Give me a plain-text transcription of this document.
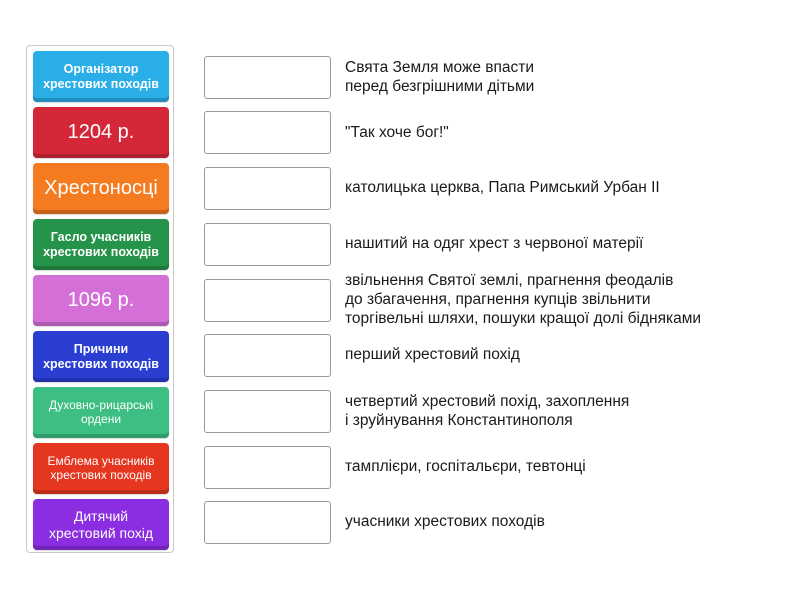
Організатор
хрестових походів
1204 р.
Хрестоносці
Гасло учасників
хрестових походів
1096 р.
Причини
хрестових походів
Духовно-рицарські
ордени
Емблема учасників
хрестових походів
Дитячий
хрестовий похід
Свята Земля може впасти
перед безгрішними дітьми
"Так хоче бог!"
католицька церква, Папа Римський Урбан II
нашитий на одяг хрест з червоної матерії
звільнення Святої землі, прагнення феодалів
до збагачення, прагнення купців звільнити
торгівельні шляхи, пошуки кращої долі бідняками
перший хрестовий похід
четвертий хрестовий похід, захоплення
і зруйнування Константинополя
тамплієри, госпітальєри, тевтонці
учасники хрестових походів
